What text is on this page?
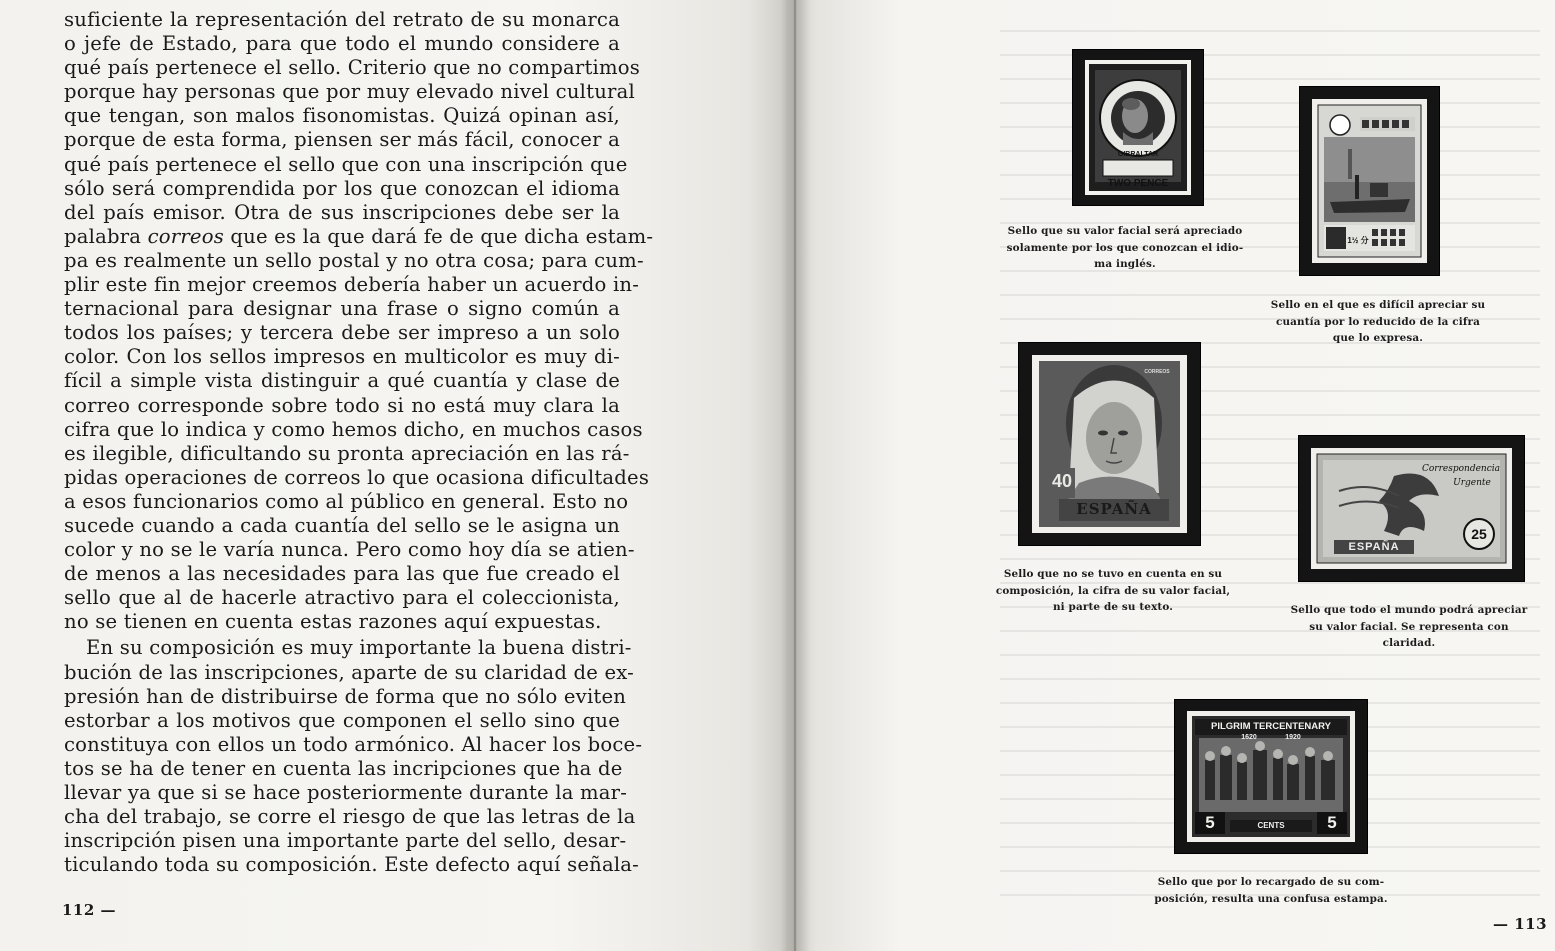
suficiente la representación del retrato de su monarca
o jefe de Estado, para que todo el mundo considere a
qué país pertenece el sello. Criterio que no compartimos
porque hay personas que por muy elevado nivel cultural
que tengan, son malos fisonomistas. Quizá opinan así,
porque de esta forma, piensen ser más fácil, conocer a
qué país pertenece el sello que con una inscripción que
sólo será comprendida por los que conozcan el idioma
del país emisor. Otra de sus inscripciones debe ser la
palabra correos que es la que dará fe de que dicha estam-
pa es realmente un sello postal y no otra cosa; para cum-
plir este fin mejor creemos debería haber un acuerdo in-
ternacional para designar una frase o signo común a
todos los países; y tercera debe ser impreso a un solo
color. Con los sellos impresos en multicolor es muy di-
fícil a simple vista distinguir a qué cuantía y clase de
correo corresponde sobre todo si no está muy clara la
cifra que lo indica y como hemos dicho, en muchos casos
es ilegible, dificultando su pronta apreciación en las rá-
pidas operaciones de correos lo que ocasiona dificultades
a esos funcionarios como al público en general. Esto no
sucede cuando a cada cuantía del sello se le asigna un
color y no se le varía nunca. Pero como hoy día se atien-
de menos a las necesidades para las que fue creado el
sello que al de hacerle atractivo para el coleccionista,
no se tienen en cuenta estas razones aquí expuestas.

En su composición es muy importante la buena distri-
bución de las inscripciones, aparte de su claridad de ex-
presión han de distribuirse de forma que no sólo eviten
estorbar a los motivos que componen el sello sino que
constituya con ellos un todo armónico. Al hacer los boce-
tos se ha de tener en cuenta las incripciones que ha de
llevar ya que si se hace posteriormente durante la mar-
cha del trabajo, se corre el riesgo de que las letras de la
inscripción pisen una importante parte del sello, desar-
ticulando toda su composición. Este defecto aquí señala-

112 —
TWO PENCE
GIBRALTAR
Sello que su valor facial será apreciado
solamente por los que conozcan el idio-
ma inglés.
1½ 分
Sello en el que es difícil apreciar su
cuantía por lo reducido de la cifra
que lo expresa.
40
ESPAÑA
CORREOS
Sello que no se tuvo en cuenta en su
composición, la cifra de su valor facial,
ni parte de su texto.
Correspondencia
Urgente
ESPAÑA
25
Sello que todo el mundo podrá apreciar
su valor facial. Se representa con
claridad.
PILGRIM TERCENTENARY
1620	1920
5	5
CENTS
Sello que por lo recargado de su com-
posición, resulta una confusa estampa.
— 113
